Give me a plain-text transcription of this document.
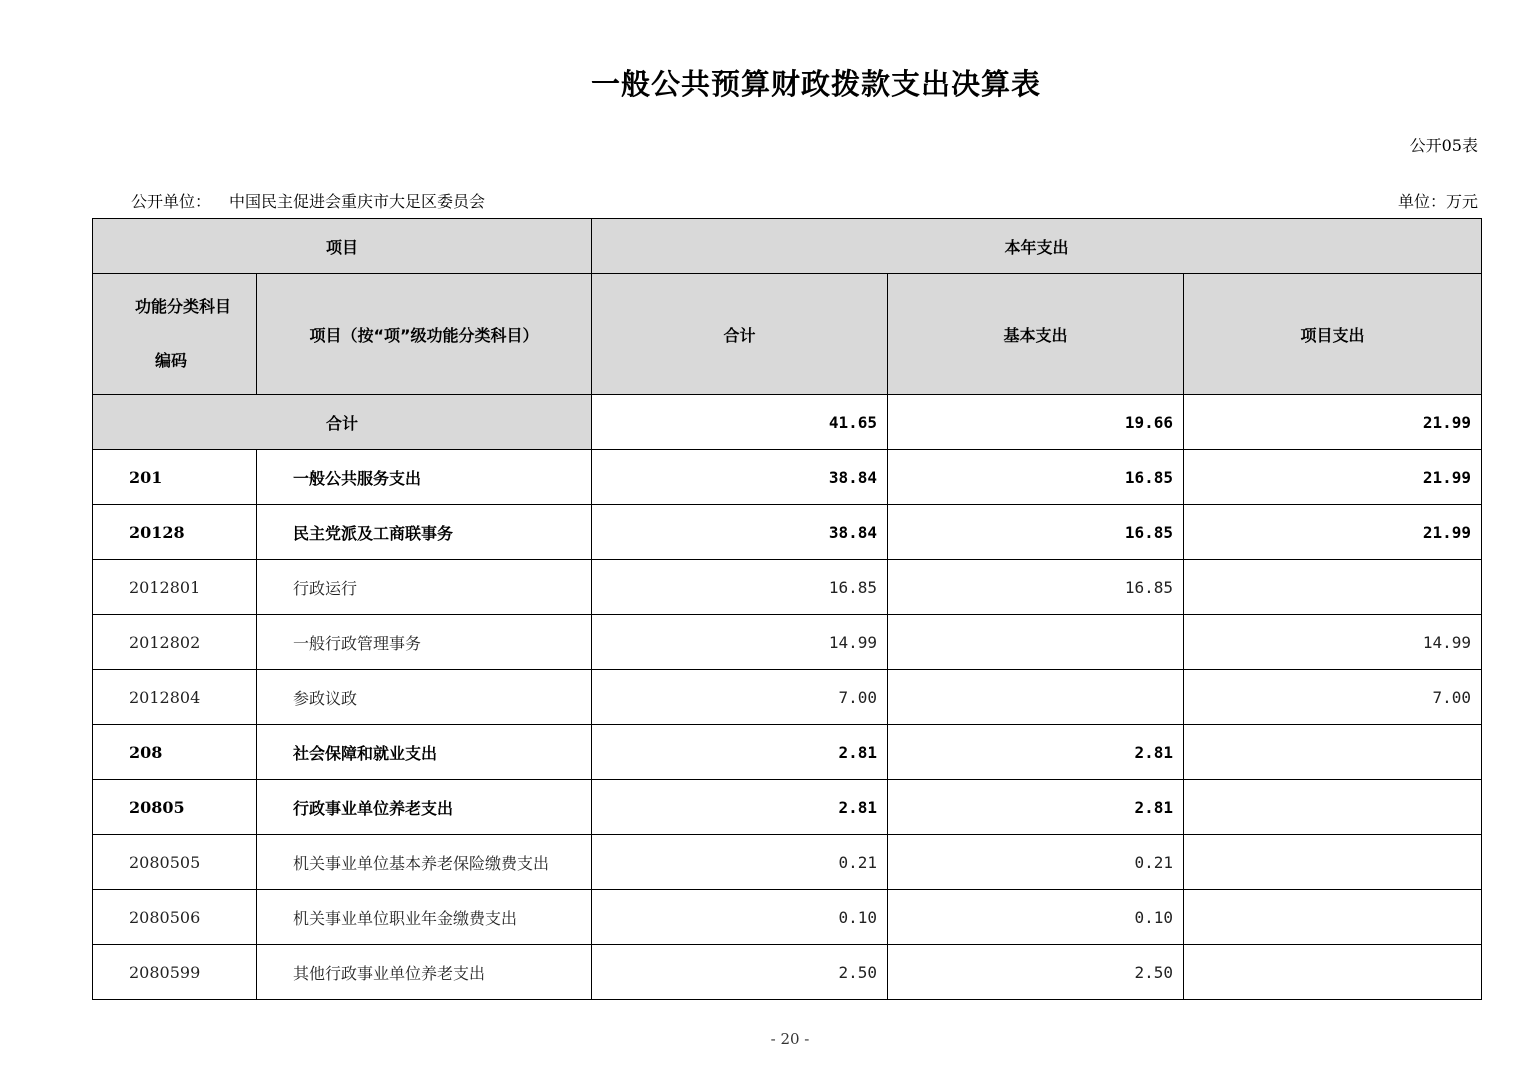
一般公共预算财政拨款支出决算表
公开05表
公开单位： 中国民主促进会重庆市大足区委员会	单位：万元
项目		本年支出		

功能分类科目
编码	项目（按“项”级功能分类科目）	合计	基本支出	项目支出
合计		41.65	19.66	21.99
201	一般公共服务支出	38.84	16.85	21.99
20128	民主党派及工商联事务	38.84	16.85	21.99
2012801	行政运行	16.85	16.85	
2012802	一般行政管理事务	14.99		14.99
2012804	参政议政	7.00		7.00
208	社会保障和就业支出	2.81	2.81	
20805	行政事业单位养老支出	2.81	2.81	
2080505	机关事业单位基本养老保险缴费支出	0.21	0.21	
2080506	机关事业单位职业年金缴费支出	0.10	0.10	
2080599	其他行政事业单位养老支出	2.50	2.50	
- 20 -
